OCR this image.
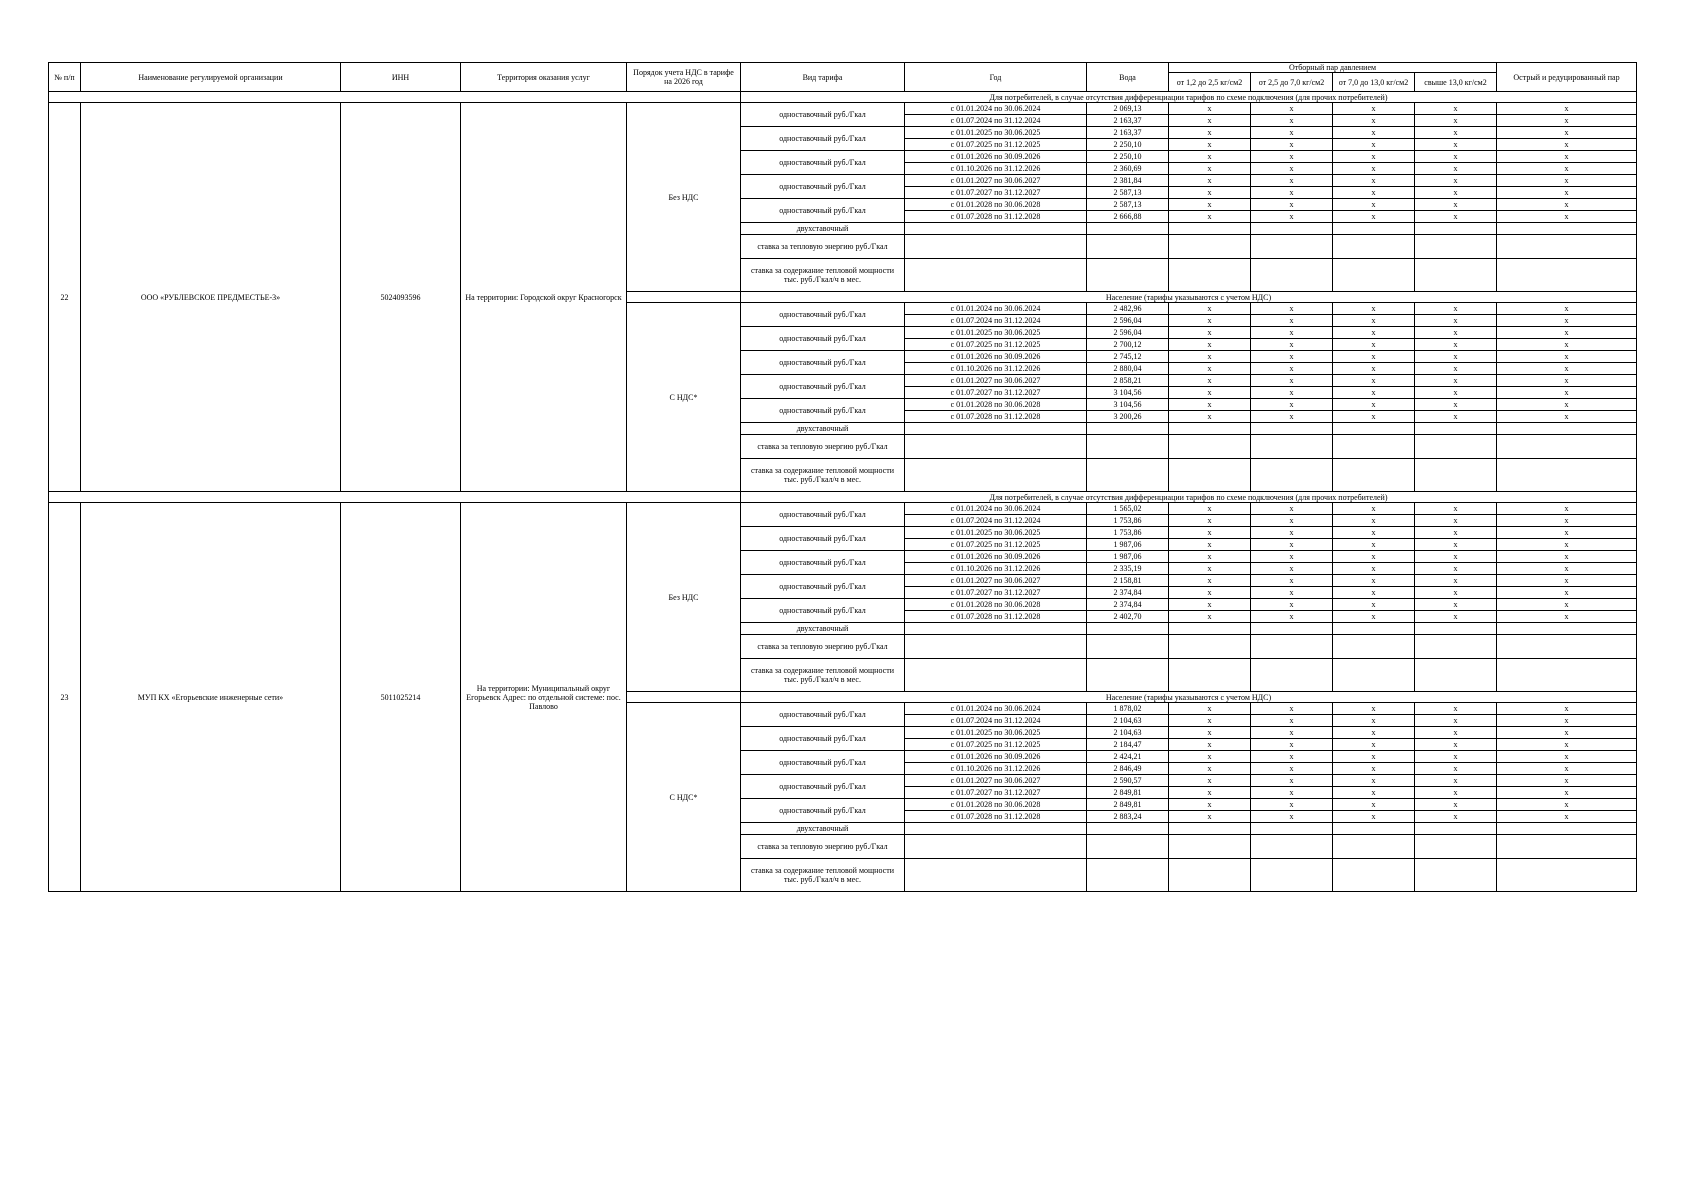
№ п/п	Наименование регулируемой организации	ИНН	Территория оказания услуг	Порядок учета НДС в тарифе на 2026 год	Вид тарифа	Год	Вода	Отборный пар давлением				Острый и редуцированный пар
								от 1,2 до 2,5 кг/см2	от 2,5 до 7,0 кг/см2	от 7,0 до 13,0 кг/см2	свыше 13,0 кг/см2	
					Для потребителей, в случае отсутствия дифференциации тарифов по схеме подключения (для прочих потребителей)							
22	ООО «РУБЛЕВСКОЕ ПРЕДМЕСТЬЕ-3»	5024093596	На территории: Городской округ Красногорск	Без НДС	одноставочный руб./Гкал	с 01.01.2024 по 30.06.2024	2 069,13	x	x	x	x	x
						с 01.07.2024 по 31.12.2024	2 163,37	x	x	x	x	x
					одноставочный руб./Гкал	с 01.01.2025 по 30.06.2025	2 163,37	x	x	x	x	x
						с 01.07.2025 по 31.12.2025	2 250,10	x	x	x	x	x
					одноставочный руб./Гкал	с 01.01.2026 по 30.09.2026	2 250,10	x	x	x	x	x
						с 01.10.2026 по 31.12.2026	2 360,69	x	x	x	x	x
					одноставочный руб./Гкал	с 01.01.2027 по 30.06.2027	2 381,84	x	x	x	x	x
						с 01.07.2027 по 31.12.2027	2 587,13	x	x	x	x	x
					одноставочный руб./Гкал	с 01.01.2028 по 30.06.2028	2 587,13	x	x	x	x	x
						с 01.07.2028 по 31.12.2028	2 666,88	x	x	x	x	x
					двухставочный							
					ставка за тепловую энергию руб./Гкал							
					ставка за содержание тепловой мощности тыс. руб./Гкал/ч в мес.							
					Население (тарифы указываются с учетом НДС)							
				С НДС*	одноставочный руб./Гкал	с 01.01.2024 по 30.06.2024	2 482,96	x	x	x	x	x
						с 01.07.2024 по 31.12.2024	2 596,04	x	x	x	x	x
					одноставочный руб./Гкал	с 01.01.2025 по 30.06.2025	2 596,04	x	x	x	x	x
						с 01.07.2025 по 31.12.2025	2 700,12	x	x	x	x	x
					одноставочный руб./Гкал	с 01.01.2026 по 30.09.2026	2 745,12	x	x	x	x	x
						с 01.10.2026 по 31.12.2026	2 880,04	x	x	x	x	x
					одноставочный руб./Гкал	с 01.01.2027 по 30.06.2027	2 858,21	x	x	x	x	x
						с 01.07.2027 по 31.12.2027	3 104,56	x	x	x	x	x
					одноставочный руб./Гкал	с 01.01.2028 по 30.06.2028	3 104,56	x	x	x	x	x
						с 01.07.2028 по 31.12.2028	3 200,26	x	x	x	x	x
					двухставочный							
					ставка за тепловую энергию руб./Гкал							
					ставка за содержание тепловой мощности тыс. руб./Гкал/ч в мес.							
					Для потребителей, в случае отсутствия дифференциации тарифов по схеме подключения (для прочих потребителей)							
23	МУП КХ «Егорьевские инженерные сети»	5011025214	На территории: Муниципальный округ Егорьевск Адрес: по отдельной системе: пос. Павлово	Без НДС	одноставочный руб./Гкал	с 01.01.2024 по 30.06.2024	1 565,02	x	x	x	x	x
						с 01.07.2024 по 31.12.2024	1 753,86	x	x	x	x	x
					одноставочный руб./Гкал	с 01.01.2025 по 30.06.2025	1 753,86	x	x	x	x	x
						с 01.07.2025 по 31.12.2025	1 987,06	x	x	x	x	x
					одноставочный руб./Гкал	с 01.01.2026 по 30.09.2026	1 987,06	x	x	x	x	x
						с 01.10.2026 по 31.12.2026	2 335,19	x	x	x	x	x
					одноставочный руб./Гкал	с 01.01.2027 по 30.06.2027	2 158,81	x	x	x	x	x
						с 01.07.2027 по 31.12.2027	2 374,84	x	x	x	x	x
					одноставочный руб./Гкал	с 01.01.2028 по 30.06.2028	2 374,84	x	x	x	x	x
						с 01.07.2028 по 31.12.2028	2 402,70	x	x	x	x	x
					двухставочный							
					ставка за тепловую энергию руб./Гкал							
					ставка за содержание тепловой мощности тыс. руб./Гкал/ч в мес.							
					Население (тарифы указываются с учетом НДС)							
				С НДС*	одноставочный руб./Гкал	с 01.01.2024 по 30.06.2024	1 878,02	x	x	x	x	x
						с 01.07.2024 по 31.12.2024	2 104,63	x	x	x	x	x
					одноставочный руб./Гкал	с 01.01.2025 по 30.06.2025	2 104,63	x	x	x	x	x
						с 01.07.2025 по 31.12.2025	2 184,47	x	x	x	x	x
					одноставочный руб./Гкал	с 01.01.2026 по 30.09.2026	2 424,21	x	x	x	x	x
						с 01.10.2026 по 31.12.2026	2 846,49	x	x	x	x	x
					одноставочный руб./Гкал	с 01.01.2027 по 30.06.2027	2 590,57	x	x	x	x	x
						с 01.07.2027 по 31.12.2027	2 849,81	x	x	x	x	x
					одноставочный руб./Гкал	с 01.01.2028 по 30.06.2028	2 849,81	x	x	x	x	x
						с 01.07.2028 по 31.12.2028	2 883,24	x	x	x	x	x
					двухставочный							
					ставка за тепловую энергию руб./Гкал							
					ставка за содержание тепловой мощности тыс. руб./Гкал/ч в мес.							
